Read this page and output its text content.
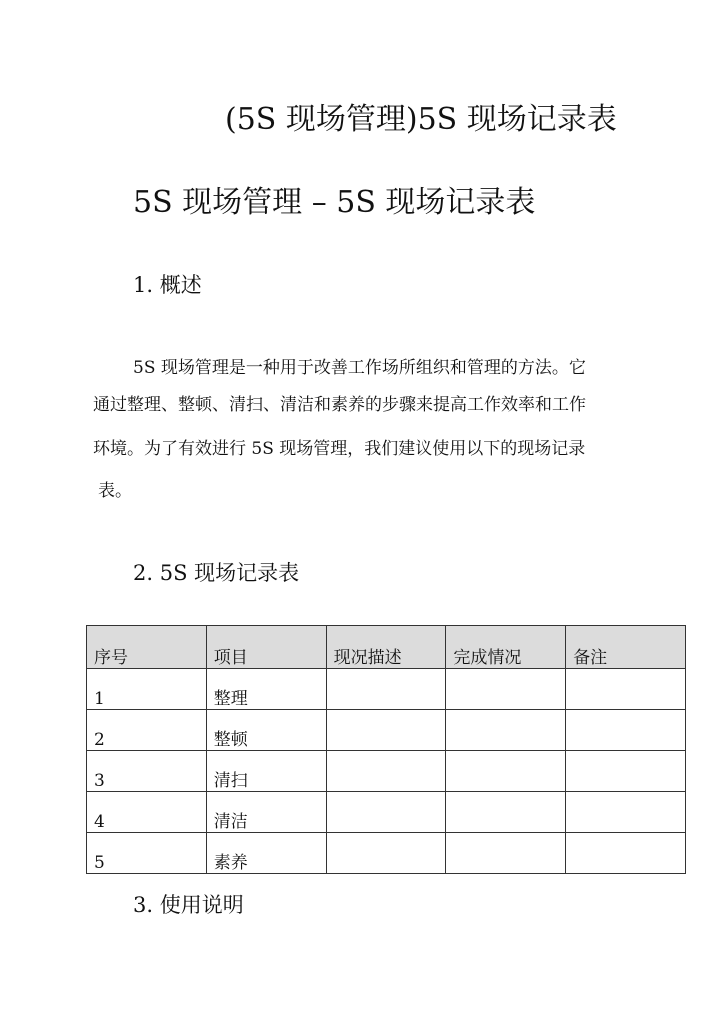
(5S 现场管理)5S 现场记录表
5S 现场管理 – 5S 现场记录表
1. 概述
5S 现场管理是一种用于改善工作场所组织和管理的方法。它
通过整理、整顿、清扫、清洁和素养的步骤来提高工作效率和工作
环境。为了有效进行 5S 现场管理，我们建议使用以下的现场记录
表。
2. 5S 现场记录表
序号	项目	现况描述	完成情况	备注
1	整理			
2	整顿			
3	清扫			
4	清洁			
5	素养			
3. 使用说明
